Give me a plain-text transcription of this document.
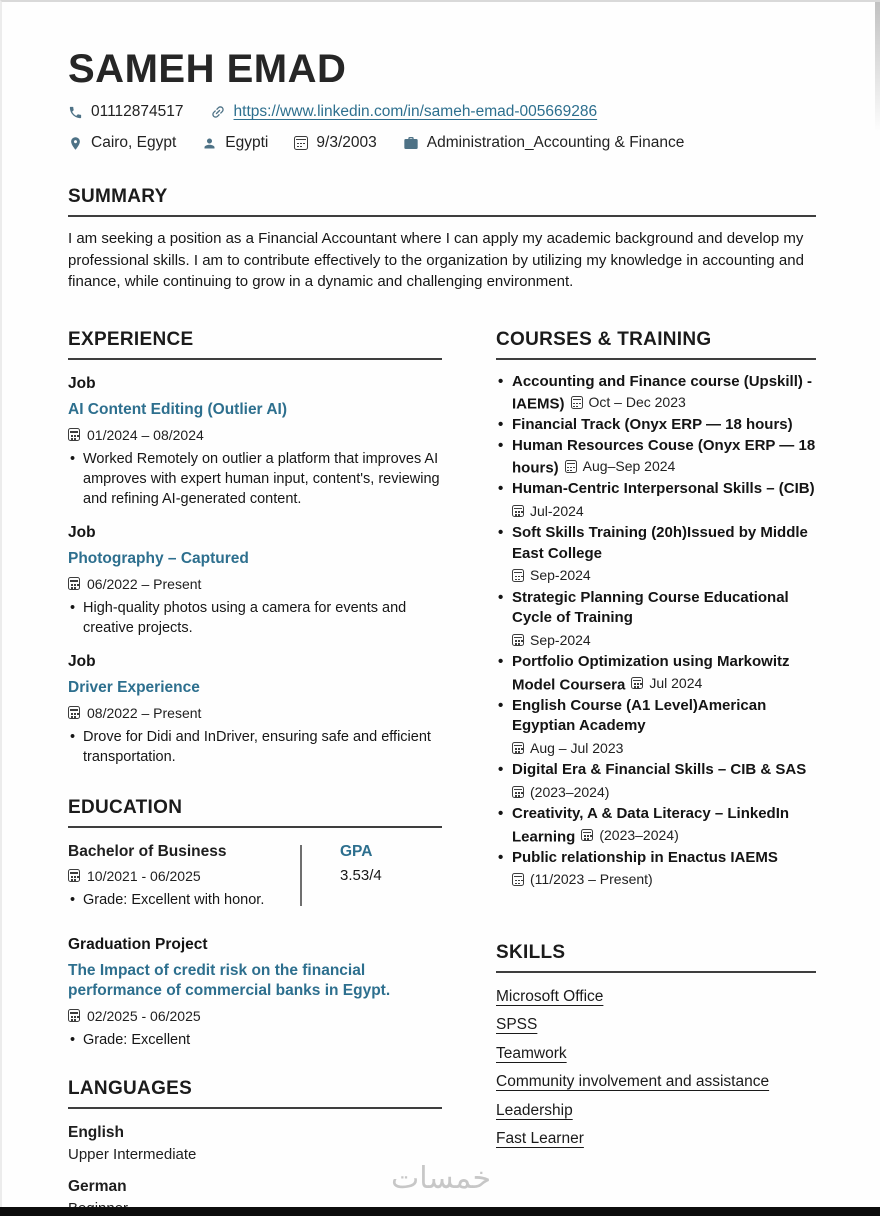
SAMEH EMAD
01112874517	https://www.linkedin.com/in/sameh-emad-005669286
Cairo, Egypt	Egypti	9/3/2003	Administration_Accounting & Finance
SUMMARY

I am seeking a position as a Financial Accountant where I can apply my academic background and develop my professional skills. I am to contribute effectively to the organization by utilizing my knowledge in accounting and finance, while continuing to grow in a dynamic and challenging environment.

EXPERIENCE
Job
AI Content Editing (Outlier AI)
01/2024 – 08/2024
• Worked Remotely on outlier a platform that improves AI amproves with expert human input, content's, reviewing and refining AI-generated content.
Job
Photography – Captured
06/2022 – Present
• High-quality photos using a camera for events and creative projects.
Job
Driver Experience
08/2022 – Present
• Drove for Didi and InDriver, ensuring safe and efficient transportation.
EDUCATION
Bachelor of Business
10/2021 - 06/2025
• Grade: Excellent with honor.
GPA
3.53/4
Graduation Project
The Impact of credit risk on the financial performance of commercial banks in Egypt.
02/2025 - 06/2025
• Grade: Excellent
LANGUAGES
English
Upper Intermediate
German
COURSES & TRAINING
• Accounting and Finance course (Upskill) - IAEMS) Oct – Dec 2023
• Financial Track (Onyx ERP — 18 hours)
• Human Resources Couse (Onyx ERP — 18 hours) Aug–Sep 2024
• Human-Centric Interpersonal Skills – (CIB)
Jul-2024
• Soft Skills Training (20h)Issued by Middle East College
Sep-2024
• Strategic Planning Course Educational Cycle of Training
Sep-2024
• Portfolio Optimization using Markowitz Model Coursera Jul 2024
• English Course (A1 Level)American Egyptian Academy
Aug – Jul 2023
• Digital Era & Financial Skills – CIB & SAS
(2023–2024)
• Creativity, A & Data Literacy – LinkedIn Learning (2023–2024)
• Public relationship in Enactus IAEMS
(11/2023 – Present)
SKILLS
Microsoft Office
SPSS
Teamwork
Community involvement and assistance
Leadership
Fast Learner
خمسات
